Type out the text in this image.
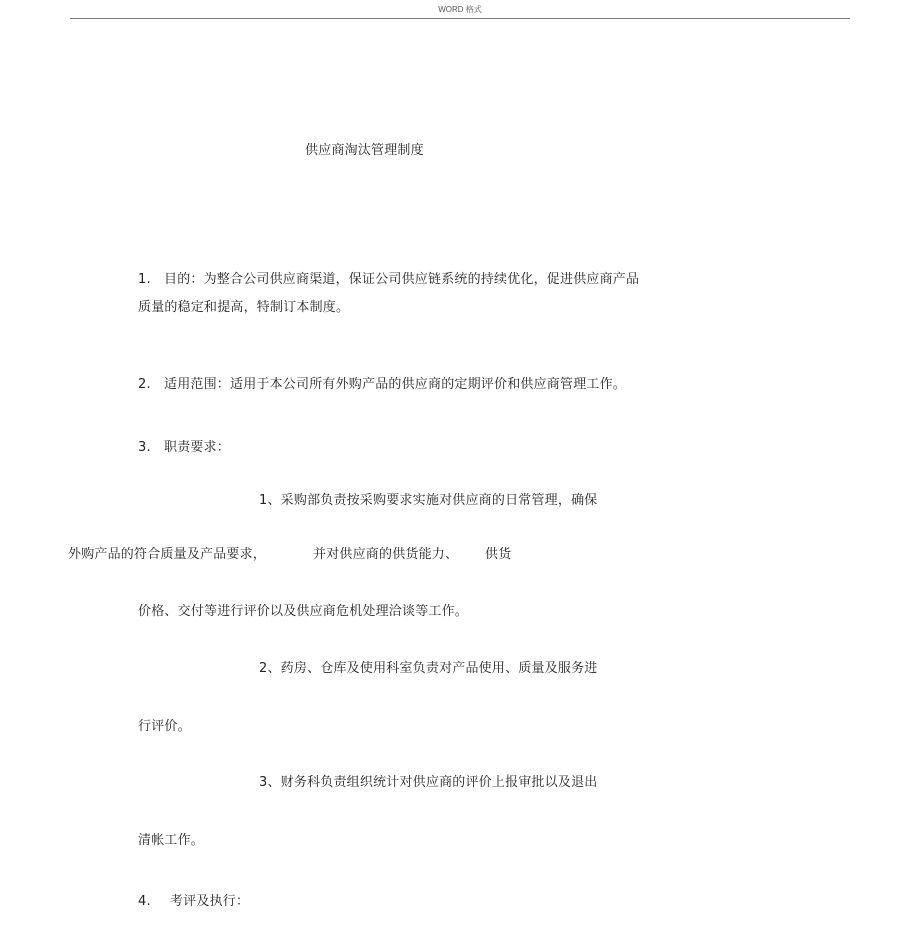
WORD 格式
供应商淘汰管理制度
1. 目的：为整合公司供应商渠道，保证公司供应链系统的持续优化，促进供应商产品
质量的稳定和提高，特制订本制度。
2. 适用范围：适用于本公司所有外购产品的供应商的定期评价和供应商管理工作。
3. 职责要求：
1、采购部负责按采购要求实施对供应商的日常管理，确保
外购产品的符合质量及产品要求，	并对供应商的供货能力、 供货
价格、交付等进行评价以及供应商危机处理洽谈等工作。
2、药房、仓库及使用科室负责对产品使用、质量及服务进
行评价。
3、财务科负责组织统计对供应商的评价上报审批以及退出
清帐工作。
4. 考评及执行：
